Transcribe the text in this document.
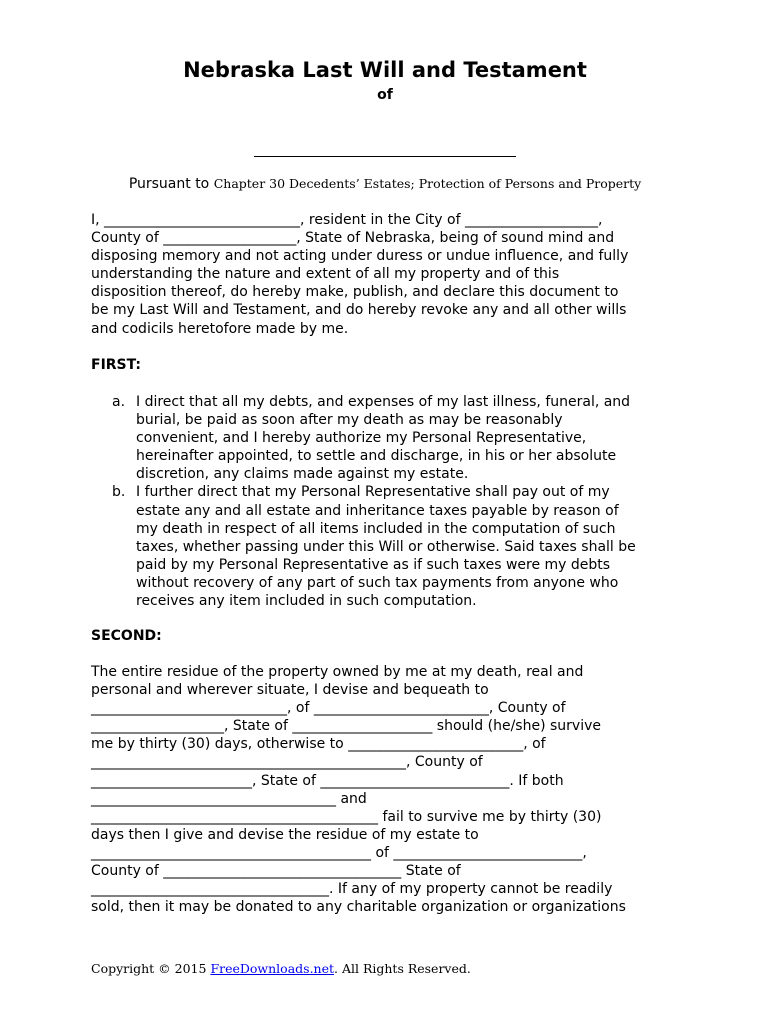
Nebraska Last Will and Testament
of
Pursuant to Chapter 30 Decedents’ Estates; Protection of Persons and Property
I, ____________________________, resident in the City of ___________________,
County of ___________________, State of Nebraska, being of sound mind and
disposing memory and not acting under duress or undue influence, and fully
understanding the nature and extent of all my property and of this
disposition thereof, do hereby make, publish, and declare this document to
be my Last Will and Testament, and do hereby revoke any and all other wills
and codicils heretofore made by me.
FIRST:
a. I direct that all my debts, and expenses of my last illness, funeral, and
burial, be paid as soon after my death as may be reasonably
convenient, and I hereby authorize my Personal Representative,
hereinafter appointed, to settle and discharge, in his or her absolute
discretion, any claims made against my estate.
b. I further direct that my Personal Representative shall pay out of my
estate any and all estate and inheritance taxes payable by reason of
my death in respect of all items included in the computation of such
taxes, whether passing under this Will or otherwise. Said taxes shall be
paid by my Personal Representative as if such taxes were my debts
without recovery of any part of such tax payments from anyone who
receives any item included in such computation.
SECOND:
The entire residue of the property owned by me at my death, real and
personal and wherever situate, I devise and bequeath to
____________________________, of _________________________, County of
___________________, State of ____________________ should (he/she) survive
me by thirty (30) days, otherwise to _________________________, of
_____________________________________________, County of
_______________________, State of ___________________________. If both
___________________________________ and
_________________________________________ fail to survive me by thirty (30)
days then I give and devise the residue of my estate to
________________________________________ of ___________________________,
County of __________________________________ State of
__________________________________. If any of my property cannot be readily
sold, then it may be donated to any charitable organization or organizations
Copyright © 2015 FreeDownloads.net. All Rights Reserved.
